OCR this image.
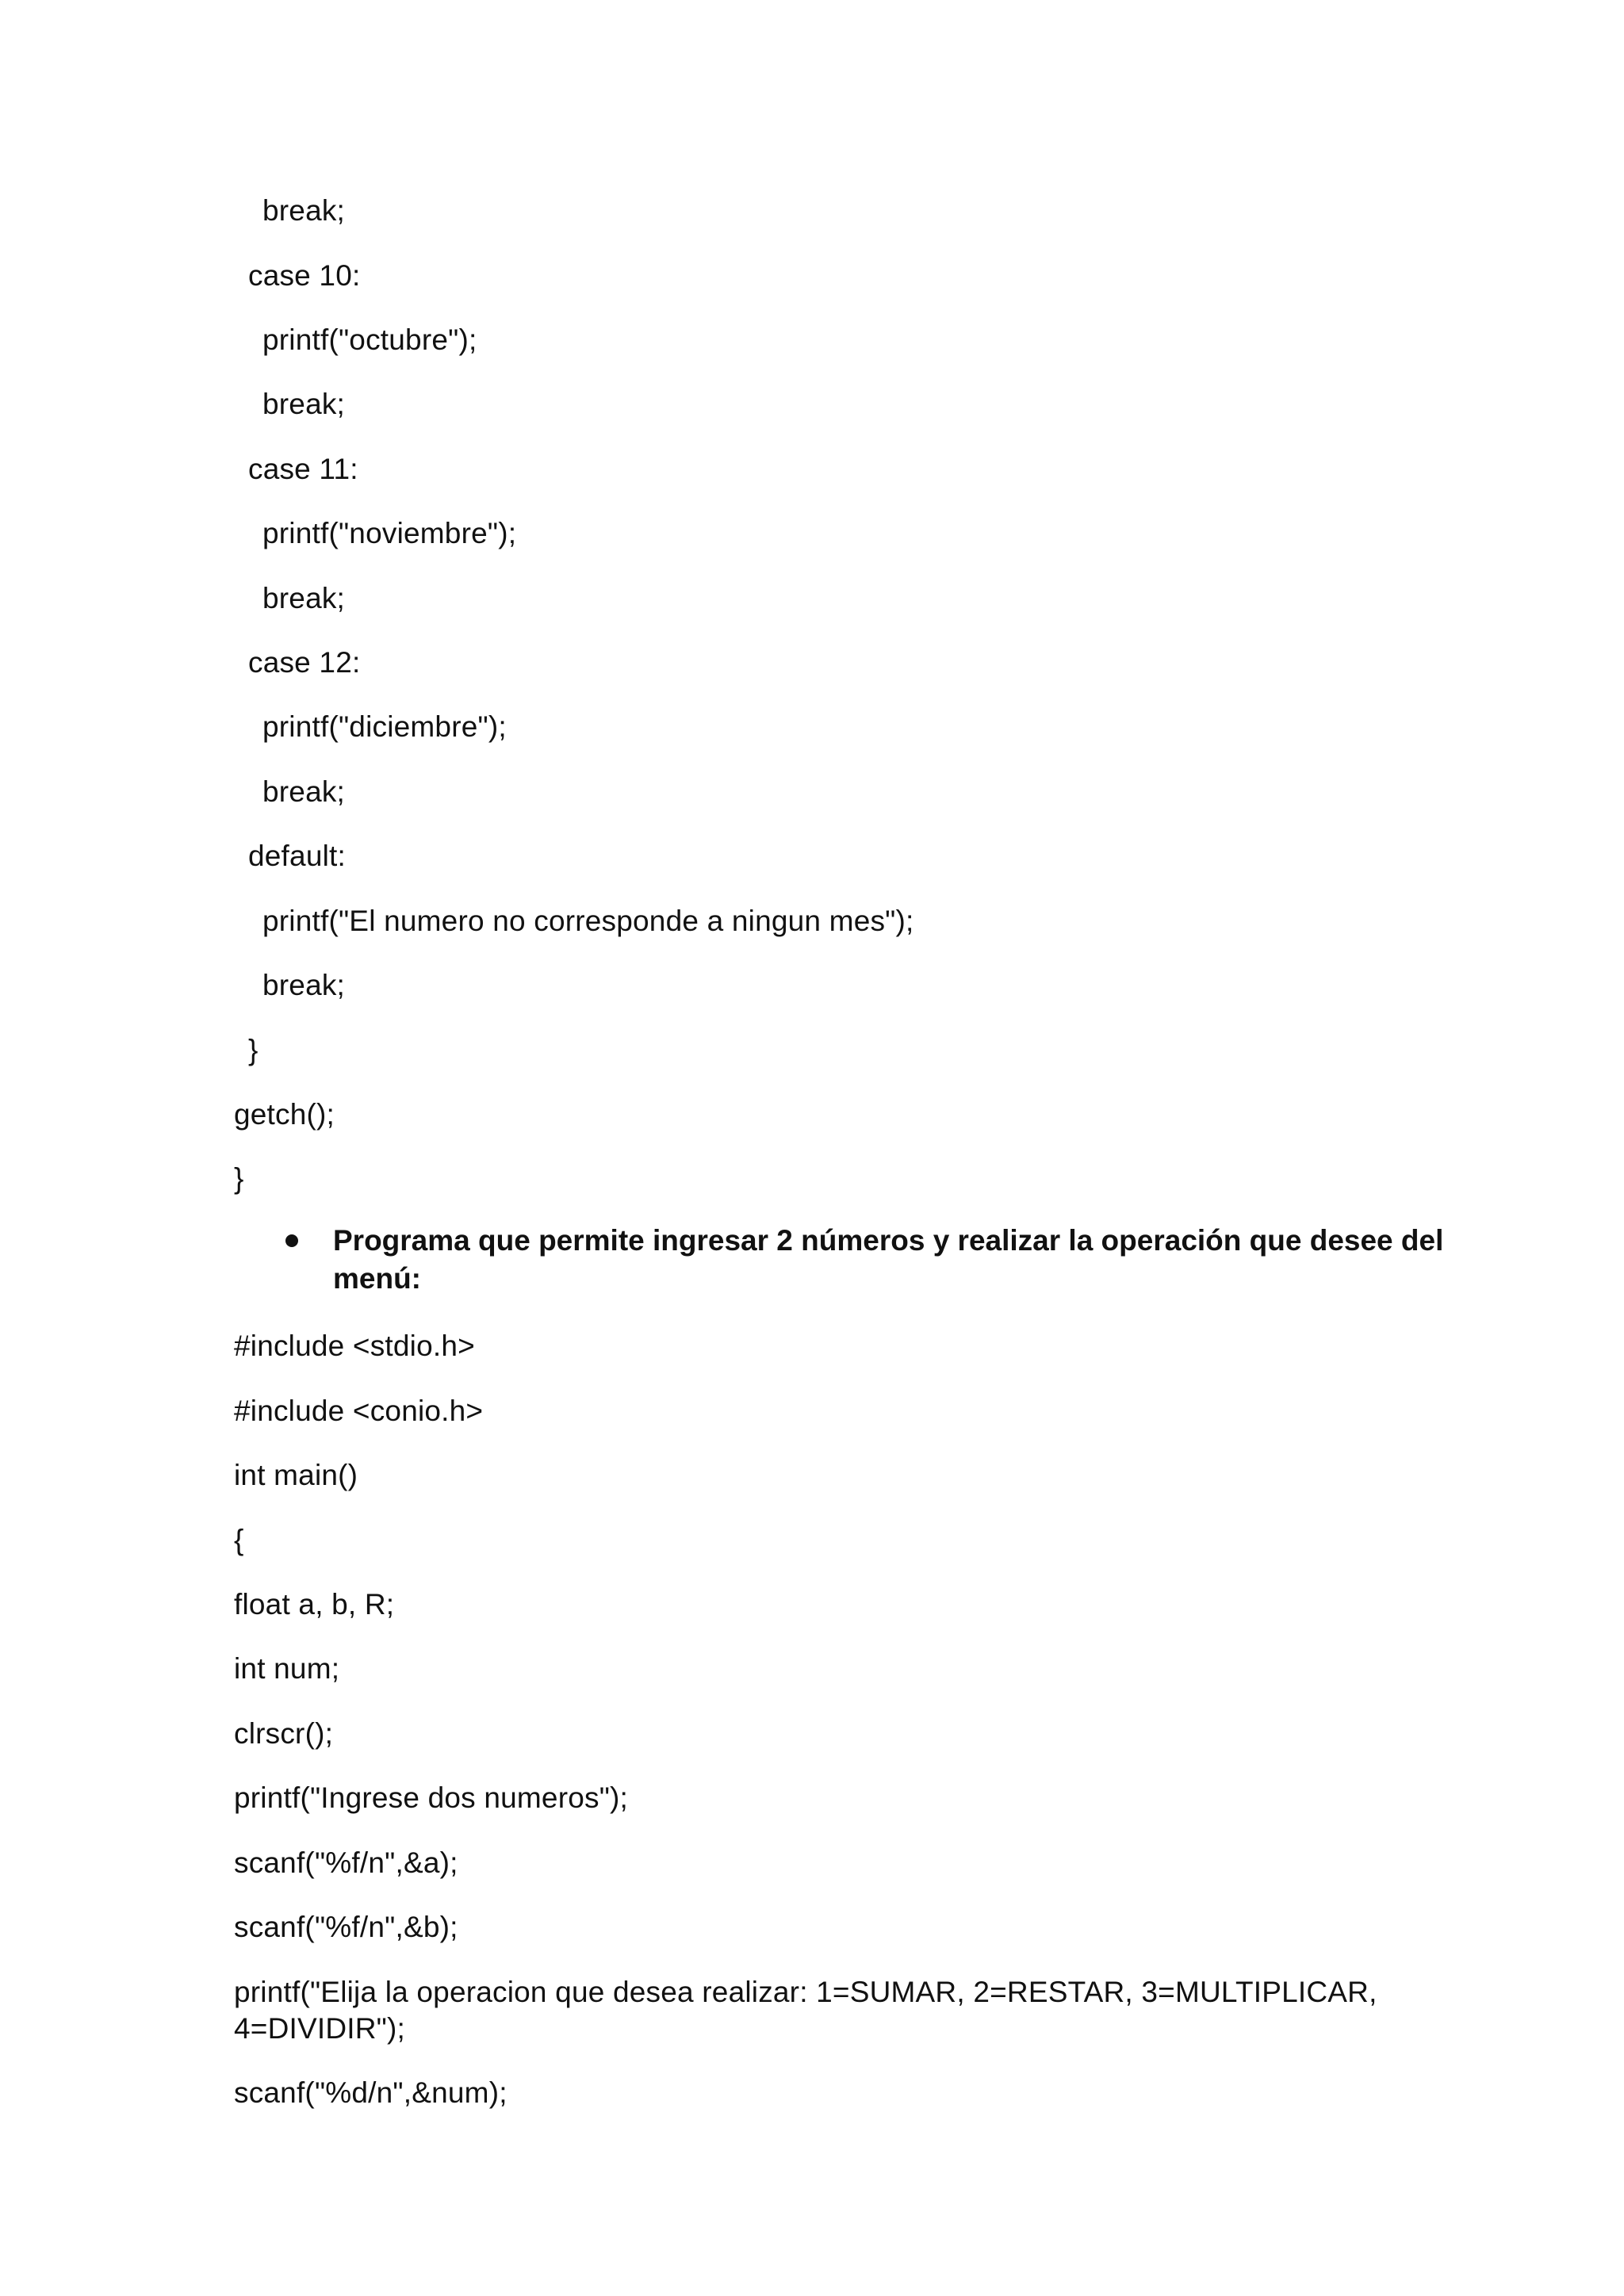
break;
case 10:
printf("octubre");
break;
case 11:
printf("noviembre");
break;
case 12:
printf("diciembre");
break;
default:
printf("El numero no corresponde a ningun mes");
break;
}
getch();
}
Programa que permite ingresar 2 números y realizar la operación que desee del
menú:
#include <stdio.h>
#include <conio.h>
int main()
{
float a, b, R;
int num;
clrscr();
printf("Ingrese dos numeros");
scanf("%f/n",&a);
scanf("%f/n",&b);
printf("Elija la operacion que desea realizar: 1=SUMAR, 2=RESTAR, 3=MULTIPLICAR,
4=DIVIDIR");
scanf("%d/n",&num);
